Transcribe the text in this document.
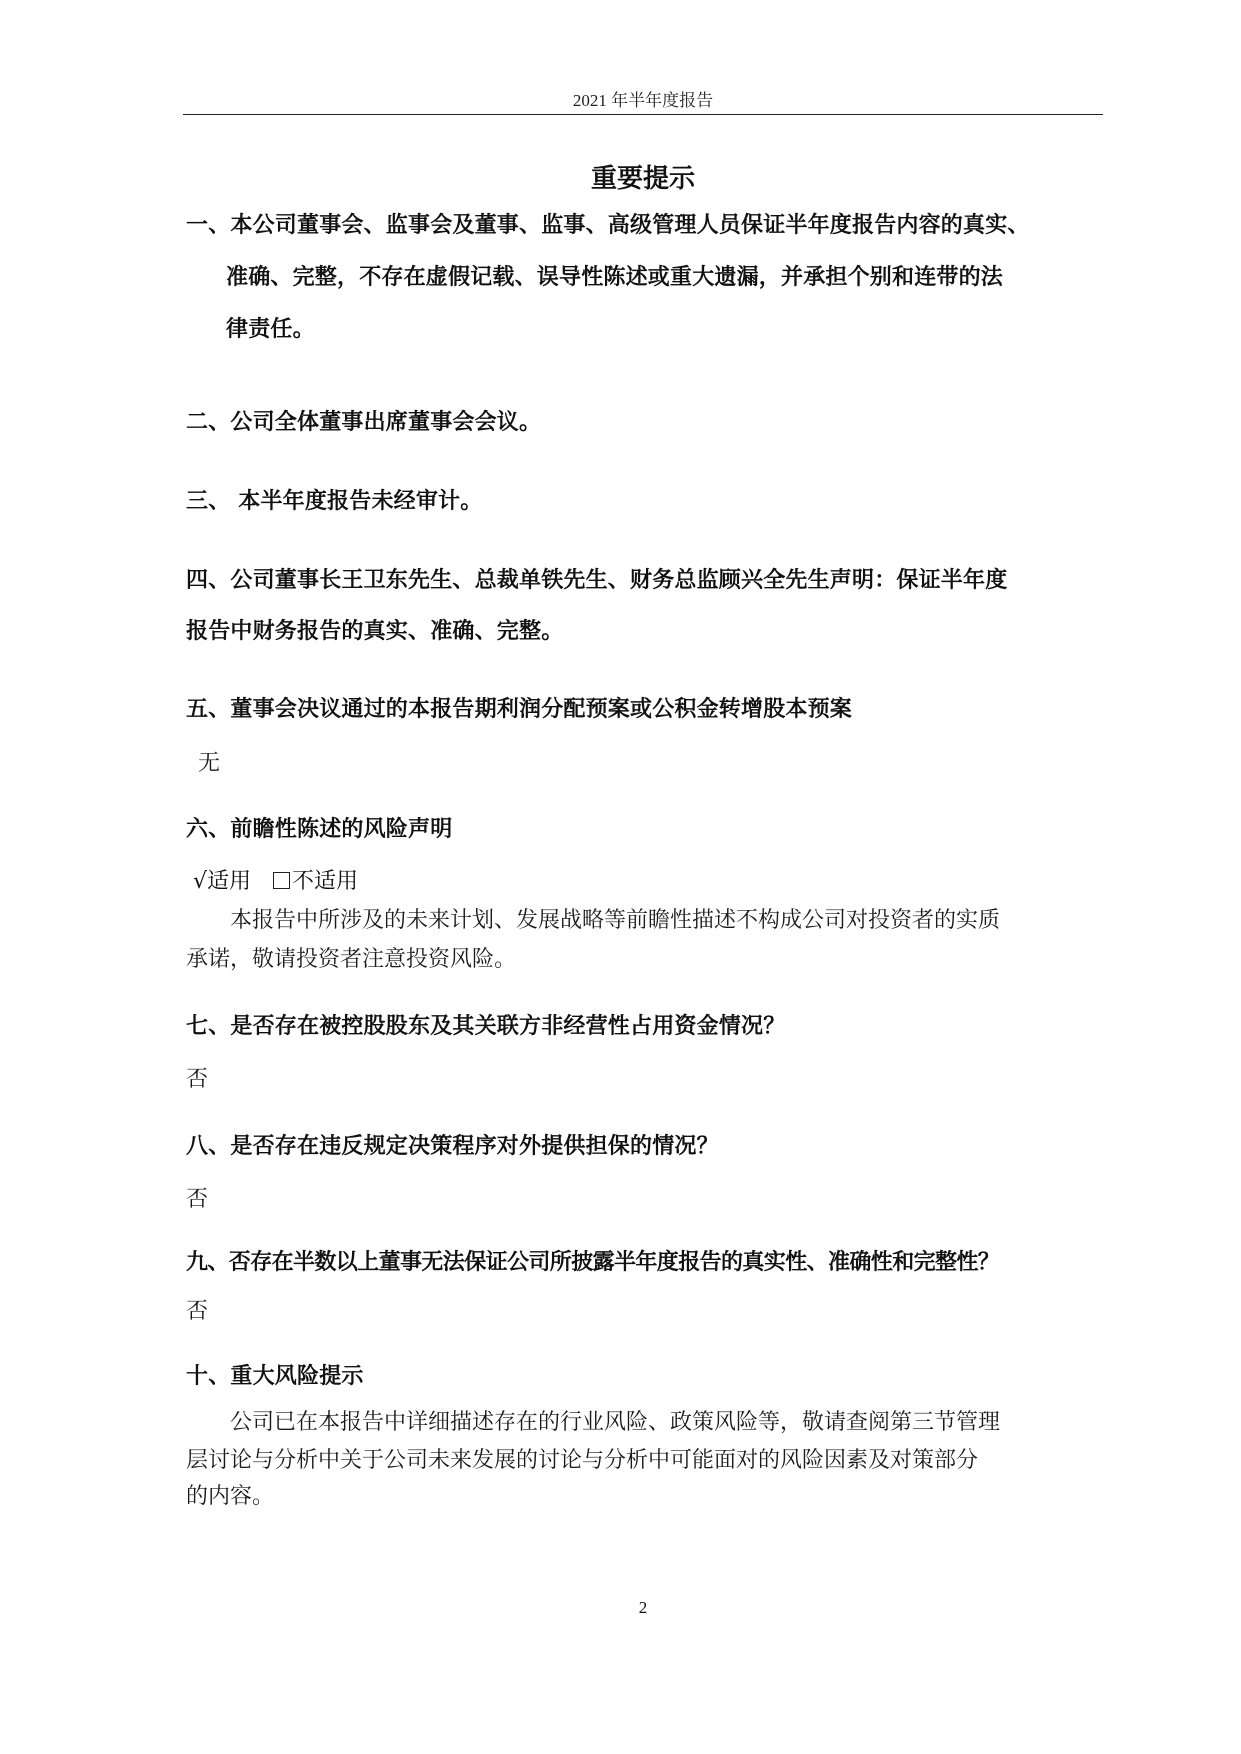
2021 年半年度报告
重要提示
一、本公司董事会、监事会及董事、监事、高级管理人员保证半年度报告内容的真实、
准确、完整，不存在虚假记载、误导性陈述或重大遗漏，并承担个别和连带的法
律责任。
二、公司全体董事出席董事会会议。
三、 本半年度报告未经审计。
四、公司董事长王卫东先生、总裁单铁先生、财务总监顾兴全先生声明：保证半年度
报告中财务报告的真实、准确、完整。
五、董事会决议通过的本报告期利润分配预案或公积金转增股本预案
无
六、前瞻性陈述的风险声明
√适用 不适用
本报告中所涉及的未来计划、发展战略等前瞻性描述不构成公司对投资者的实质
承诺，敬请投资者注意投资风险。
七、是否存在被控股股东及其关联方非经营性占用资金情况？
否
八、是否存在违反规定决策程序对外提供担保的情况？
否
九、否存在半数以上董事无法保证公司所披露半年度报告的真实性、准确性和完整性？
否
十、重大风险提示
公司已在本报告中详细描述存在的行业风险、政策风险等，敬请查阅第三节管理
层讨论与分析中关于公司未来发展的讨论与分析中可能面对的风险因素及对策部分
的内容。
2
